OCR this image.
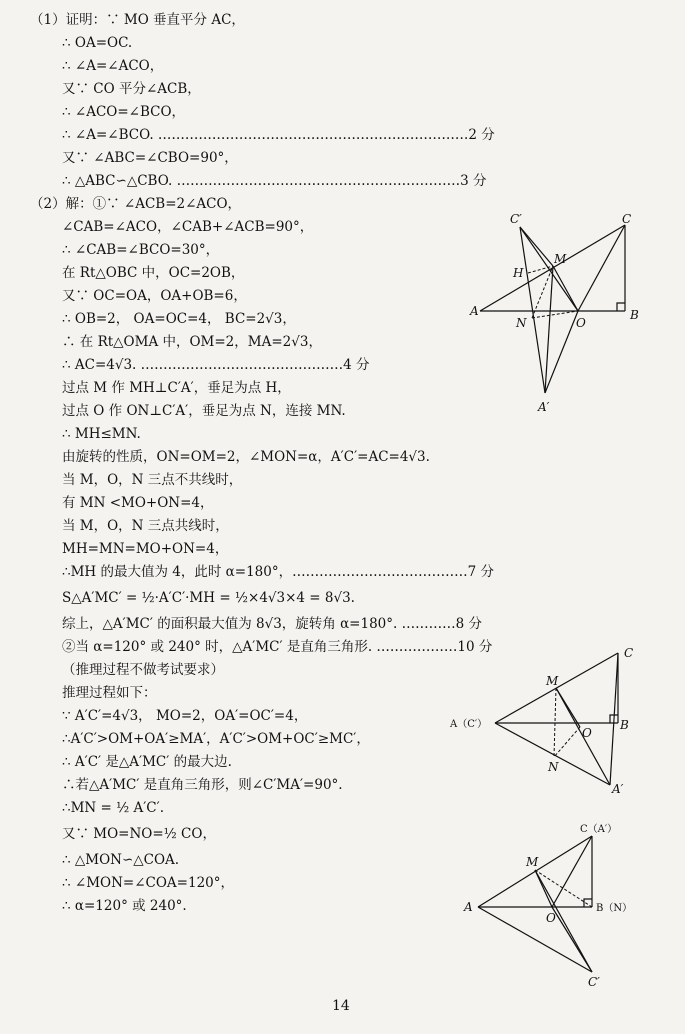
（1）证明：∵ MO 垂直平分 AC，
∴ OA=OC.
∴ ∠A=∠ACO，
又∵ CO 平分∠ACB，
∴ ∠ACO=∠BCO，
∴ ∠A=∠BCO. ……………………………………………………………2 分
又∵ ∠ABC=∠CBO=90°，
∴ △ABC∽△CBO. ………………………………………………………3 分
（2）解：①∵ ∠ACB=2∠ACO，
∠CAB=∠ACO，∠CAB+∠ACB=90°，
∴ ∠CAB=∠BCO=30°，
在 Rt△OBC 中，OC=2OB，
又∵ OC=OA，OA+OB=6，
∴ OB=2， OA=OC=4， BC=2√3，
∴ 在 Rt△OMA 中，OM=2，MA=2√3，
∴ AC=4√3. ………………………………………4 分
过点 M 作 MH⊥C′A′，垂足为点 H，
过点 O 作 ON⊥C′A′，垂足为点 N，连接 MN.
∴ MH≤MN.
由旋转的性质，ON=OM=2，∠MON=α，A′C′=AC=4√3.
当 M，O，N 三点不共线时，
有 MN <MO+ON=4，
当 M，O，N 三点共线时，
MH=MN=MO+ON=4，
∴MH 的最大值为 4，此时 α=180°，…………………………………7 分
S△A′MC′ = ½·A′C′·MH = ½×4√3×4 = 8√3.
综上，△A′MC′ 的面积最大值为 8√3，旋转角 α=180°. …………8 分
②当 α=120° 或 240° 时，△A′MC′ 是直角三角形. ………………10 分
（推理过程不做考试要求）
推理过程如下：
∵ A′C′=4√3， MO=2，OA′=OC′=4，
∴A′C′>OM+OA′≥MA′，A′C′>OM+OC′≥MC′，
∴ A′C′ 是△A′MC′ 的最大边.
∴若△A′MC′ 是直角三角形，则∠C′MA′=90°.
∴MN = ½ A′C′.
又∵ MO=NO=½ CO，
∴ △MON∽△COA.
∴ ∠MON=∠COA=120°，
∴ α=120° 或 240°.
C′	C
M
H
A
N	O
B
A′
C
M
A（C′）	B
O
N
A′
C（A′）
M
A
O
B（N）
C′
14
